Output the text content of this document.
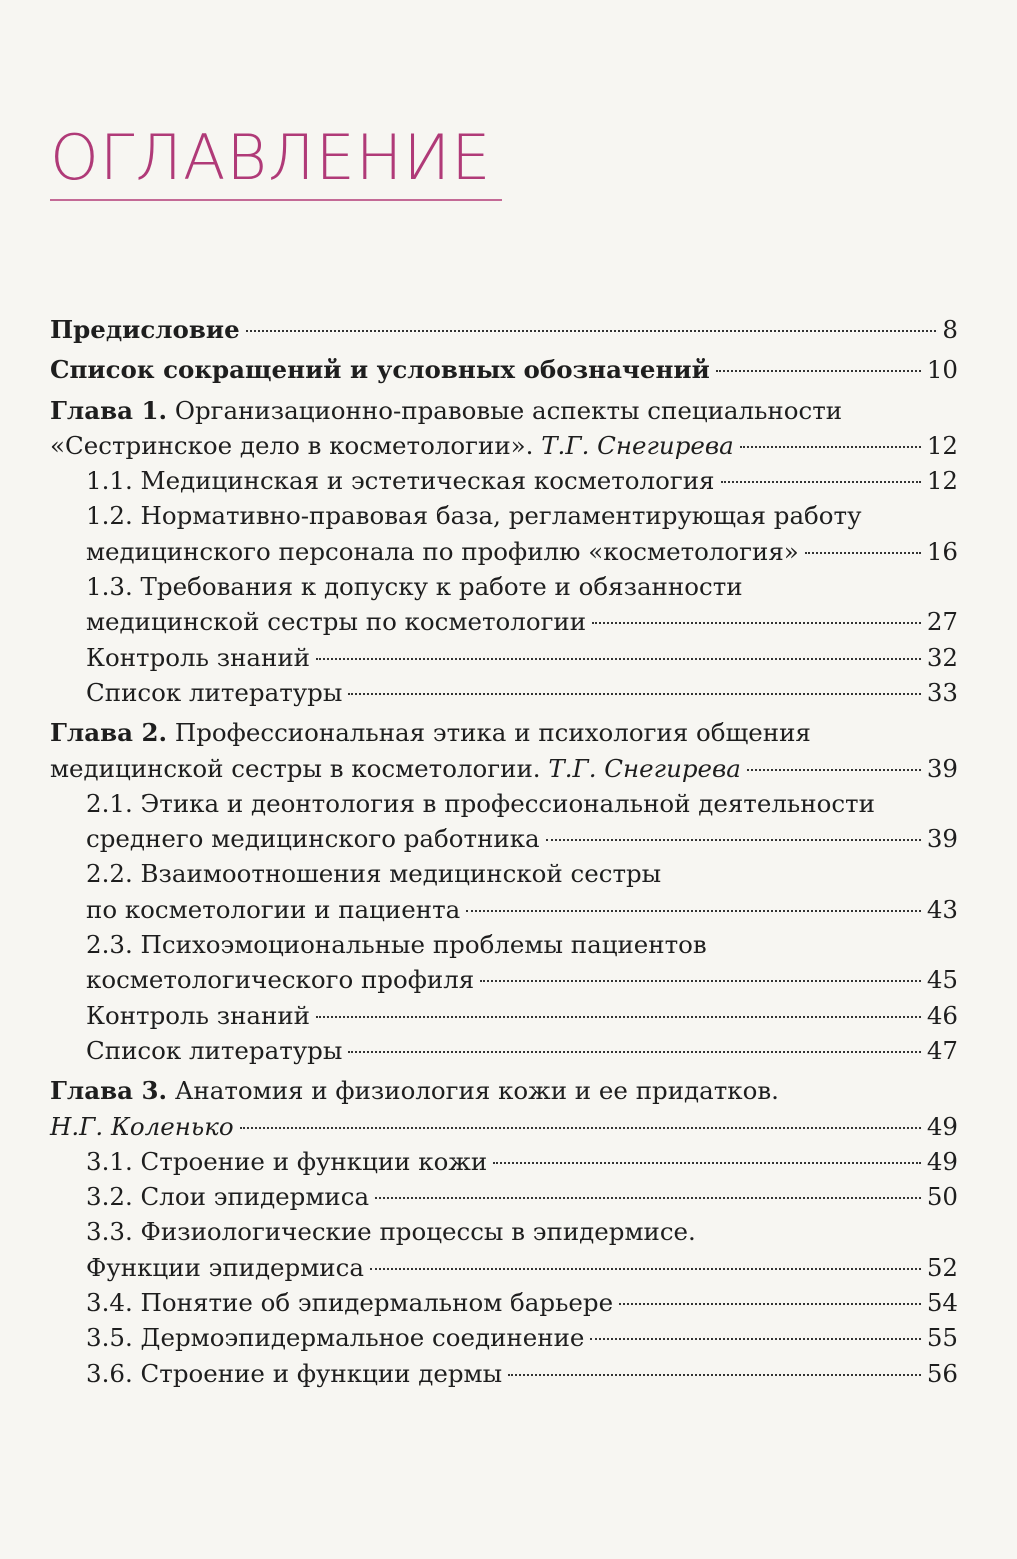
ОГЛАВЛЕНИЕ
Предисловие	8
Список сокращений и условных обозначений	10
Глава 1. Организационно-правовые аспекты специальности
«Сестринское дело в косметологии». Т.Г. Снегирева	12
1.1. Медицинская и эстетическая косметология	12
1.2. Нормативно-правовая база, регламентирующая работу
медицинского персонала по профилю «косметология»	16
1.3. Требования к допуску к работе и обязанности
медицинской сестры по косметологии	27
Контроль знаний	32
Список литературы	33
Глава 2. Профессиональная этика и психология общения
медицинской сестры в косметологии. Т.Г. Снегирева	39
2.1. Этика и деонтология в профессиональной деятельности
среднего медицинского работника	39
2.2. Взаимоотношения медицинской сестры
по косметологии и пациента	43
2.3. Психоэмоциональные проблемы пациентов
косметологического профиля	45
Контроль знаний	46
Список литературы	47
Глава 3. Анатомия и физиология кожи и ее придатков.
Н.Г. Коленько	49
3.1. Строение и функции кожи	49
3.2. Слои эпидермиса	50
3.3. Физиологические процессы в эпидермисе.
Функции эпидермиса	52
3.4. Понятие об эпидермальном барьере	54
3.5. Дермоэпидермальное соединение	55
3.6. Строение и функции дермы	56
